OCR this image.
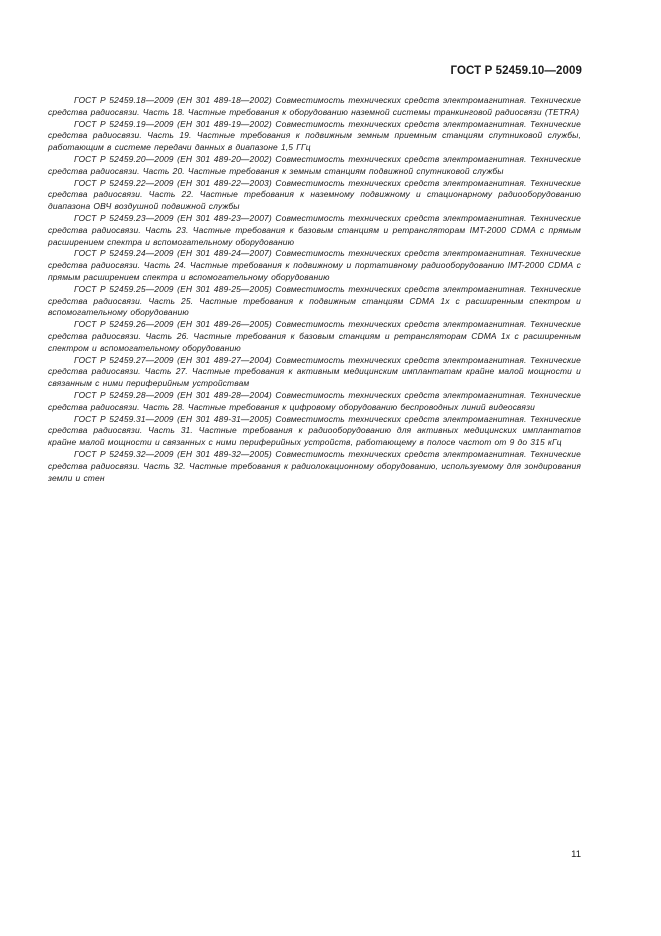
ГОСТ Р 52459.10—2009

ГОСТ Р 52459.18—2009 (ЕН 301 489-18—2002) Совместимость технических средств электромагнитная. Технические средства радиосвязи. Часть 18. Частные требования к оборудованию наземной системы транкинговой радиосвязи (TETRA)

ГОСТ Р 52459.19—2009 (ЕН 301 489-19—2002) Совместимость технических средств электромагнитная. Технические средства радиосвязи. Часть 19. Частные требования к подвижным земным приемным станциям спутниковой службы, работающим в системе передачи данных в диапазоне 1,5 ГГц

ГОСТ Р 52459.20—2009 (ЕН 301 489-20—2002) Совместимость технических средств электромагнитная. Технические средства радиосвязи. Часть 20. Частные требования к земным станциям подвижной спутниковой службы

ГОСТ Р 52459.22—2009 (ЕН 301 489-22—2003) Совместимость технических средств электромагнитная. Технические средства радиосвязи. Часть 22. Частные требования к наземному подвижному и стационарному радиооборудованию диапазона ОВЧ воздушной подвижной службы

ГОСТ Р 52459.23—2009 (ЕН 301 489-23—2007) Совместимость технических средств электромагнитная. Технические средства радиосвязи. Часть 23. Частные требования к базовым станциям и ретрансляторам IMT-2000 CDMA с прямым расширением спектра и вспомогательному оборудованию

ГОСТ Р 52459.24—2009 (ЕН 301 489-24—2007) Совместимость технических средств электромагнитная. Технические средства радиосвязи. Часть 24. Частные требования к подвижному и портативному радиооборудованию IMT-2000 CDMA с прямым расширением спектра и вспомогательному оборудованию

ГОСТ Р 52459.25—2009 (ЕН 301 489-25—2005) Совместимость технических средств электромагнитная. Технические средства радиосвязи. Часть 25. Частные требования к подвижным станциям CDMA 1x с расширенным спектром и вспомогательному оборудованию

ГОСТ Р 52459.26—2009 (ЕН 301 489-26—2005) Совместимость технических средств электромагнитная. Технические средства радиосвязи. Часть 26. Частные требования к базовым станциям и ретрансляторам CDMA 1x с расширенным спектром и вспомогательному оборудованию

ГОСТ Р 52459.27—2009 (ЕН 301 489-27—2004) Совместимость технических средств электромагнитная. Технические средства радиосвязи. Часть 27. Частные требования к активным медицинским имплантатам крайне малой мощности и связанным с ними периферийным устройствам

ГОСТ Р 52459.28—2009 (ЕН 301 489-28—2004) Совместимость технических средств электромагнитная. Технические средства радиосвязи. Часть 28. Частные требования к цифровому оборудованию беспроводных линий видеосвязи

ГОСТ Р 52459.31—2009 (ЕН 301 489-31—2005) Совместимость технических средств электромагнитная. Технические средства радиосвязи. Часть 31. Частные требования к радиооборудованию для активных медицинских имплантатов крайне малой мощности и связанных с ними периферийных устройств, работающему в полосе частот от 9 до 315 кГц

ГОСТ Р 52459.32—2009 (ЕН 301 489-32—2005) Совместимость технических средств электромагнитная. Технические средства радиосвязи. Часть 32. Частные требования к радиолокационному оборудованию, используемому для зондирования земли и стен

11
